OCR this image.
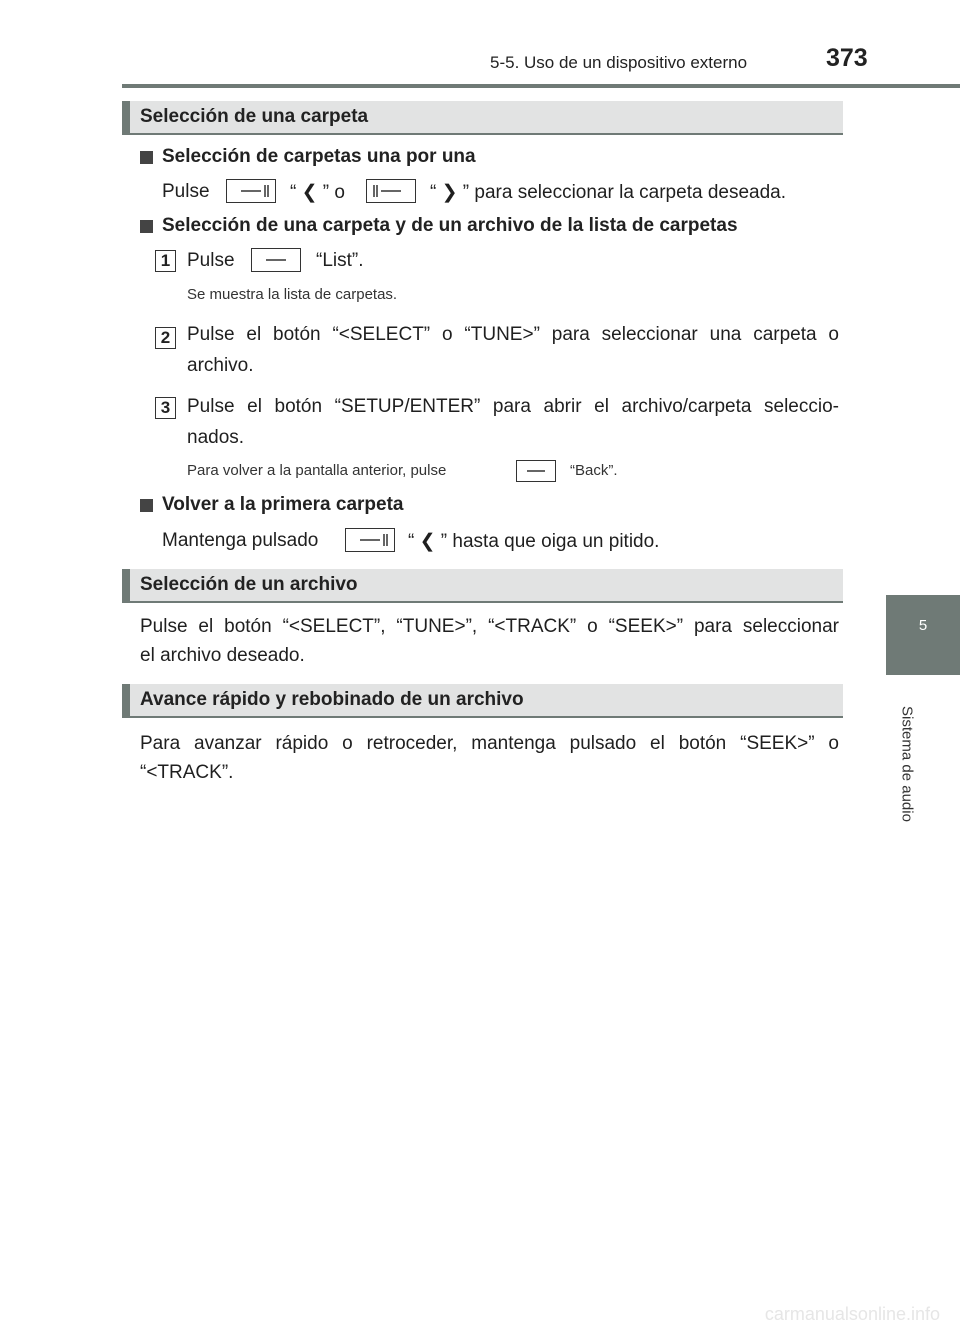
5-5. Uso de un dispositivo externo	373
5
Sistema de audio
Selección de una carpeta
Selección de carpetas una por una
Pulse	“ ❮ ” o	“ ❯ ” para seleccionar la carpeta deseada.
Selección de una carpeta y de un archivo de la lista de carpetas
1 Pulse	“List”.
Se muestra la lista de carpetas.
2 Pulse el botón “<SELECT” o “TUNE>” para seleccionar una carpeta o
archivo.
3 Pulse el botón “SETUP/ENTER” para abrir el archivo/carpeta seleccio-
nados.
Para volver a la pantalla anterior, pulse	“Back”.
Volver a la primera carpeta
Mantenga pulsado	“ ❮ ” hasta que oiga un pitido.
Selección de un archivo
Pulse el botón “<SELECT”, “TUNE>”, “<TRACK” o “SEEK>” para seleccionar
el archivo deseado.
Avance rápido y rebobinado de un archivo
Para avanzar rápido o retroceder, mantenga pulsado el botón “SEEK>” o
“<TRACK”.
carmanualsonline.info
